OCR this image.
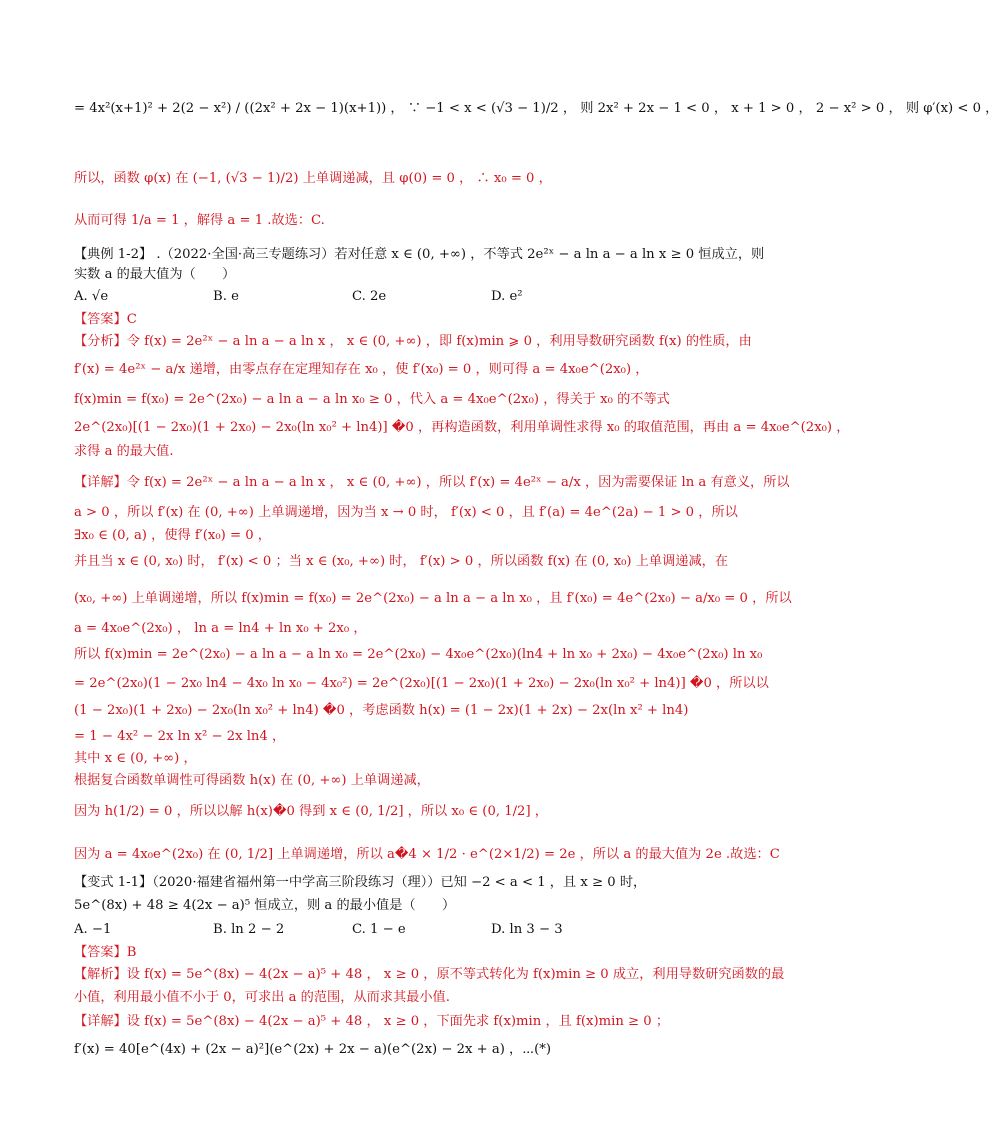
= 4x²(x+1)² + 2(2 − x²) / ((2x² + 2x − 1)(x+1)) ， ∵ −1 < x < (√3 − 1)/2 ， 则 2x² + 2x − 1 < 0 ， x + 1 > 0 ， 2 − x² > 0 ， 则 φ′(x) < 0 ，
所以，函数 φ(x) 在 (−1, (√3 − 1)/2) 上单调递减，且 φ(0) = 0 ， ∴ x₀ = 0 ，
从而可得 1/a = 1 ，解得 a = 1 .故选：C.
【典例 1-2】 .（2022·全国·高三专题练习）若对任意 x ∈ (0, +∞) ，不等式 2e²ˣ − a ln a − a ln x ≥ 0 恒成立，则
实数 a 的最大值为（　　）
【答案】C
【分析】令 f(x) = 2e²ˣ − a ln a − a ln x ， x ∈ (0, +∞) ，即 f(x)min ⩾ 0 ，利用导数研究函数 f(x) 的性质，由
f′(x) = 4e²ˣ − a/x 递增，由零点存在定理知存在 x₀ ，使 f′(x₀) = 0 ，则可得 a = 4x₀e^(2x₀) ，
f(x)min = f(x₀) = 2e^(2x₀) − a ln a − a ln x₀ ≥ 0 ，代入 a = 4x₀e^(2x₀) ，得关于 x₀ 的不等式
2e^(2x₀)[(1 − 2x₀)(1 + 2x₀) − 2x₀(ln x₀² + ln4)] �0 ，再构造函数，利用单调性求得 x₀ 的取值范围，再由 a = 4x₀e^(2x₀) ，
求得 a 的最大值.
【详解】令 f(x) = 2e²ˣ − a ln a − a ln x ， x ∈ (0, +∞) ，所以 f′(x) = 4e²ˣ − a/x ，因为需要保证 ln a 有意义，所以
a > 0 ，所以 f′(x) 在 (0, +∞) 上单调递增，因为当 x → 0 时， f′(x) < 0 ，且 f′(a) = 4e^(2a) − 1 > 0 ，所以
∃x₀ ∈ (0, a) ，使得 f′(x₀) = 0 ，
并且当 x ∈ (0, x₀) 时， f′(x) < 0 ；当 x ∈ (x₀, +∞) 时， f′(x) > 0 ，所以函数 f(x) 在 (0, x₀) 上单调递减，在
(x₀, +∞) 上单调递增，所以 f(x)min = f(x₀) = 2e^(2x₀) − a ln a − a ln x₀ ，且 f′(x₀) = 4e^(2x₀) − a/x₀ = 0 ，所以
a = 4x₀e^(2x₀) ， ln a = ln4 + ln x₀ + 2x₀ ，
所以 f(x)min = 2e^(2x₀) − a ln a − a ln x₀ = 2e^(2x₀) − 4x₀e^(2x₀)(ln4 + ln x₀ + 2x₀) − 4x₀e^(2x₀) ln x₀
= 2e^(2x₀)(1 − 2x₀ ln4 − 4x₀ ln x₀ − 4x₀²) = 2e^(2x₀)[(1 − 2x₀)(1 + 2x₀) − 2x₀(ln x₀² + ln4)] �0 ，所以以
(1 − 2x₀)(1 + 2x₀) − 2x₀(ln x₀² + ln4) �0 ，考虑函数 h(x) = (1 − 2x)(1 + 2x) − 2x(ln x² + ln4)
= 1 − 4x² − 2x ln x² − 2x ln4 ，
其中 x ∈ (0, +∞) ，
根据复合函数单调性可得函数 h(x) 在 (0, +∞) 上单调递减，
因为 h(1/2) = 0 ，所以以解 h(x)�0 得到 x ∈ (0, 1/2] ，所以 x₀ ∈ (0, 1/2] ，
因为 a = 4x₀e^(2x₀) 在 (0, 1/2] 上单调递增，所以 a�4 × 1/2 · e^(2×1/2) = 2e ，所以 a 的最大值为 2e .故选：C
【变式 1-1】（2020·福建省福州第一中学高三阶段练习（理））已知 −2 < a < 1 ，且 x ≥ 0 时，
5e^(8x) + 48 ≥ 4(2x − a)⁵ 恒成立，则 a 的最小值是（　　）
【答案】B
【解析】设 f(x) = 5e^(8x) − 4(2x − a)⁵ + 48 ， x ≥ 0 ，原不等式转化为 f(x)min ≥ 0 成立，利用导数研究函数的最
小值，利用最小值不小于 0，可求出 a 的范围，从而求其最小值.
【详解】设 f(x) = 5e^(8x) − 4(2x − a)⁵ + 48 ， x ≥ 0 ，下面先求 f(x)min ，且 f(x)min ≥ 0 ；
f′(x) = 40[e^(4x) + (2x − a)²](e^(2x) + 2x − a)(e^(2x) − 2x + a) ，⋯(*)
A. √e	B. e	C. 2e	D. e²
A. −1	B. ln 2 − 2	C. 1 − e	D. ln 3 − 3
